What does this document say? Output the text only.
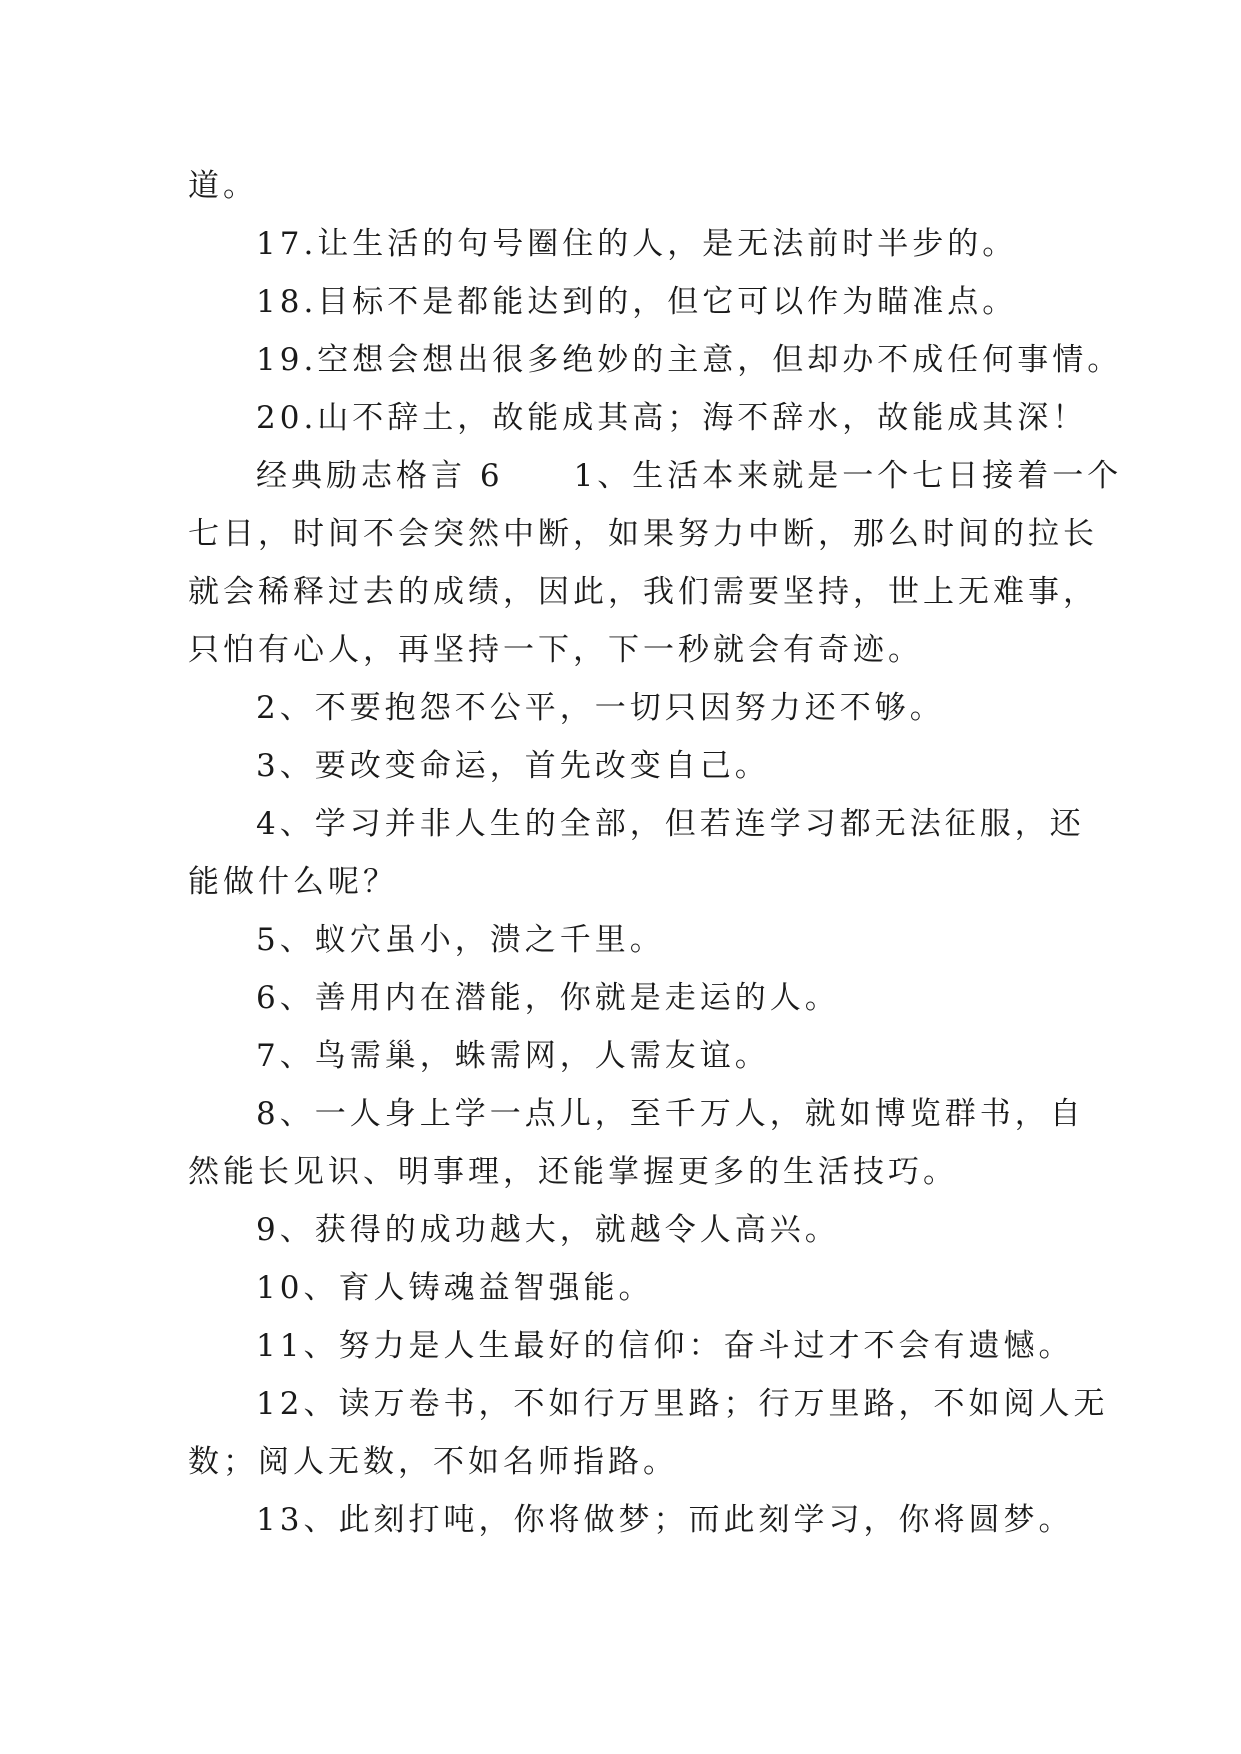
道。
17.让生活的句号圈住的人，是无法前时半步的。
18.目标不是都能达到的，但它可以作为瞄准点。
19.空想会想出很多绝妙的主意，但却办不成任何事情。
20.山不辞土，故能成其高；海不辞水，故能成其深！
经典励志格言 6　　1、生活本来就是一个七日接着一个
七日，时间不会突然中断，如果努力中断，那么时间的拉长
就会稀释过去的成绩，因此，我们需要坚持，世上无难事，
只怕有心人，再坚持一下，下一秒就会有奇迹。
2、不要抱怨不公平，一切只因努力还不够。
3、要改变命运，首先改变自己。
4、学习并非人生的全部，但若连学习都无法征服，还
能做什么呢？
5、蚁穴虽小，溃之千里。
6、善用内在潜能，你就是走运的人。
7、鸟需巢，蛛需网，人需友谊。
8、一人身上学一点儿，至千万人，就如博览群书，自
然能长见识、明事理，还能掌握更多的生活技巧。
9、获得的成功越大，就越令人高兴。
10、育人铸魂益智强能。
11、努力是人生最好的信仰：奋斗过才不会有遗憾。
12、读万卷书，不如行万里路；行万里路，不如阅人无
数；阅人无数，不如名师指路。
13、此刻打吨，你将做梦；而此刻学习，你将圆梦。
